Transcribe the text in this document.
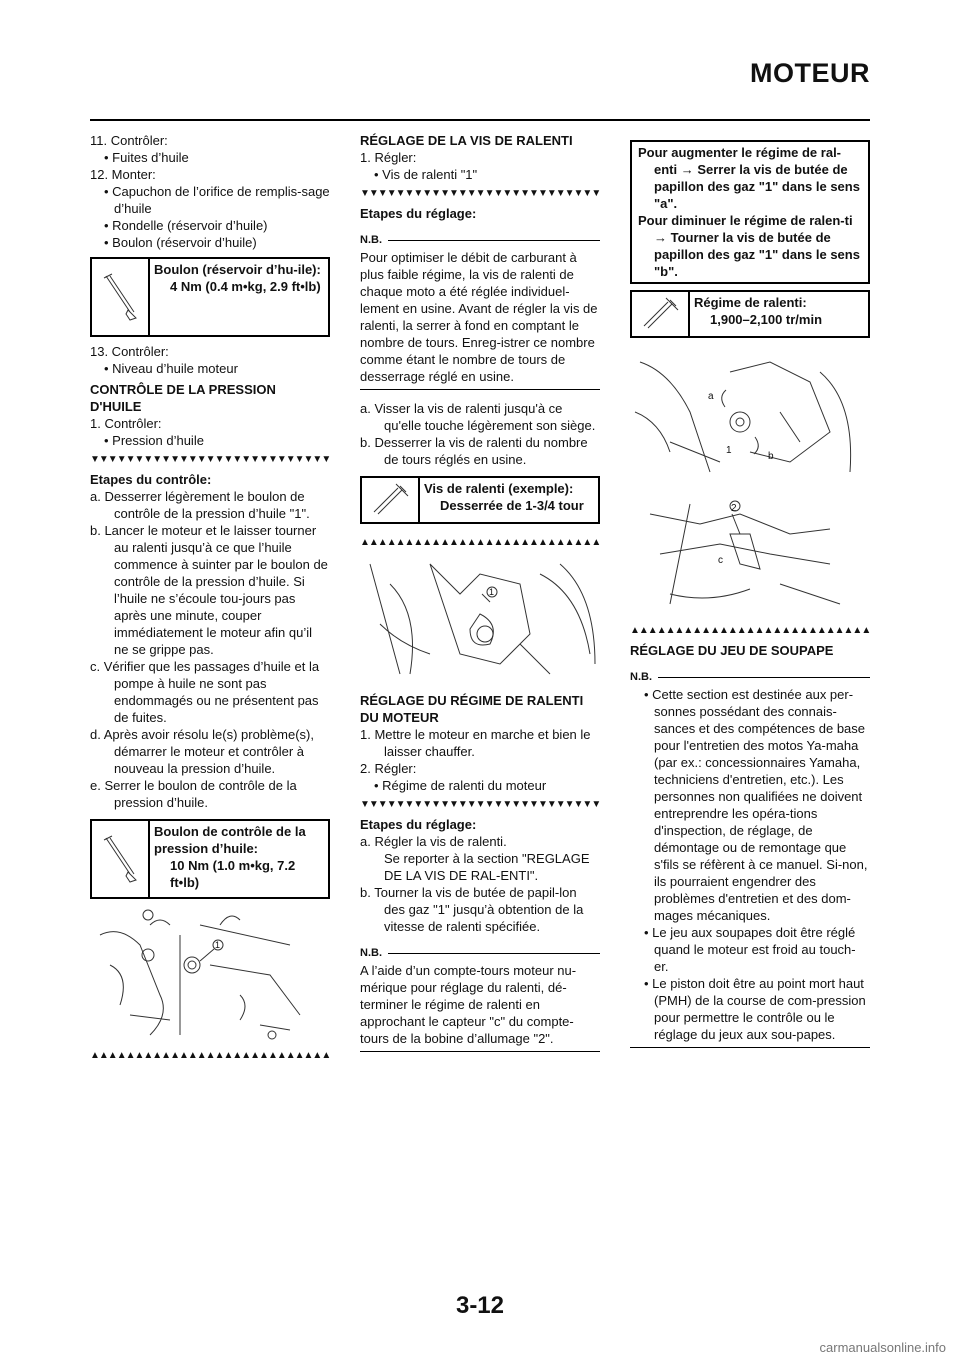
MOTEUR

11. Contrôler:

• Fuites d’huile

12. Monter:

• Capuchon de l’orifice de remplis-sage d’huile

• Rondelle (réservoir d’huile)

• Boulon (réservoir d’huile)

Boulon (réservoir d’hu-ile):

4 Nm (0.4 m•kg, 2.9 ft•lb)

13. Contrôler:

• Niveau d’huile moteur

CONTRÔLE DE LA PRESSION D'HUILE

1. Contrôler:

• Pression d’huile

▼▼▼▼▼▼▼▼▼▼▼▼▼▼▼▼▼▼▼▼▼▼▼▼▼▼▼

Etapes du contrôle:

a. Desserrer légèrement le boulon de contrôle de la pression d’huile "1".

b. Lancer le moteur et le laisser tourner au ralenti jusqu’à ce que l’huile commence à suinter par le boulon de contrôle de la pression d’huile. Si l’huile ne s’écoule tou-jours pas après une minute, couper immédiatement le moteur afin qu’il ne se grippe pas.

c. Vérifier que les passages d’huile et la pompe à huile ne sont pas endommagés ou ne présentent pas de fuites.

d. Après avoir résolu le(s) problème(s), démarrer le moteur et contrôler à nouveau la pression d’huile.

e. Serrer le boulon de contrôle de la pression d’huile.

Boulon de contrôle de la pression d’huile:

10 Nm (1.0 m•kg, 7.2 ft•lb)

1
▲▲▲▲▲▲▲▲▲▲▲▲▲▲▲▲▲▲▲▲▲▲▲▲▲▲▲

RÉGLAGE DE LA VIS DE RALENTI

1. Régler:

• Vis de ralenti "1"

▼▼▼▼▼▼▼▼▼▼▼▼▼▼▼▼▼▼▼▼▼▼▼▼▼▼▼

Etapes du réglage:

N.B.

Pour optimiser le débit de carburant à plus faible régime, la vis de ralenti de chaque moto a été réglée individuel-lement en usine. Avant de régler la vis de ralenti, la serrer à fond en comptant le nombre de tours. Enreg-istrer ce nombre comme étant le nombre de tours de desserrage réglé en usine.

a. Visser la vis de ralenti jusqu'à ce qu'elle touche légèrement son siège.

b. Desserrer la vis de ralenti du nombre de tours réglés en usine.

Vis de ralenti (exemple):

Desserrée de 1-3/4 tour

▲▲▲▲▲▲▲▲▲▲▲▲▲▲▲▲▲▲▲▲▲▲▲▲▲▲▲
1

RÉGLAGE DU RÉGIME DE RALENTI DU MOTEUR

1. Mettre le moteur en marche et bien le laisser chauffer.

2. Régler:

• Régime de ralenti du moteur

▼▼▼▼▼▼▼▼▼▼▼▼▼▼▼▼▼▼▼▼▼▼▼▼▼▼▼

Etapes du réglage:

a. Régler la vis de ralenti.

Se reporter à la section "REGLAGE DE LA VIS DE RAL-ENTI".

b. Tourner la vis de butée de papil-lon des gaz "1" jusqu’à obtention de la vitesse de ralenti spécifiée.

N.B.

A l’aide d’un compte-tours moteur nu-mérique pour réglage du ralenti, dé-terminer le régime de ralenti en approchant le capteur "c" du compte-tours de la bobine d’allumage "2".

Pour augmenter le régime de ral-enti → Serrer la vis de butée de papillon des gaz "1" dans le sens "a".

Pour diminuer le régime de ralen-ti → Tourner la vis de butée de papillon des gaz "1" dans le sens "b".

Régime de ralenti:

1,900–2,100 tr/min

a
1
b
2
c
▲▲▲▲▲▲▲▲▲▲▲▲▲▲▲▲▲▲▲▲▲▲▲▲▲▲▲

RÉGLAGE DU JEU DE SOUPAPE

N.B.

• Cette section est destinée aux per-sonnes possédant des connais-sances et des compétences de base pour l'entretien des motos Ya-maha (par ex.: concessionnaires Yamaha, techniciens d'entretien, etc.). Les personnes non qualifiées ne doivent entreprendre les opéra-tions d'inspection, de réglage, de démontage ou de remontage que s'fils se réfèrent à ce manuel. Si-non, ils pourraient engendrer des problèmes d'entretien et des dom-mages mécaniques.

• Le jeu aux soupapes doit être réglé quand le moteur est froid au touch-er.

• Le piston doit être au point mort haut (PMH) de la course de com-pression pour permettre le contrôle ou le réglage du jeux aux sou-papes.

3-12
carmanualsonline.info
